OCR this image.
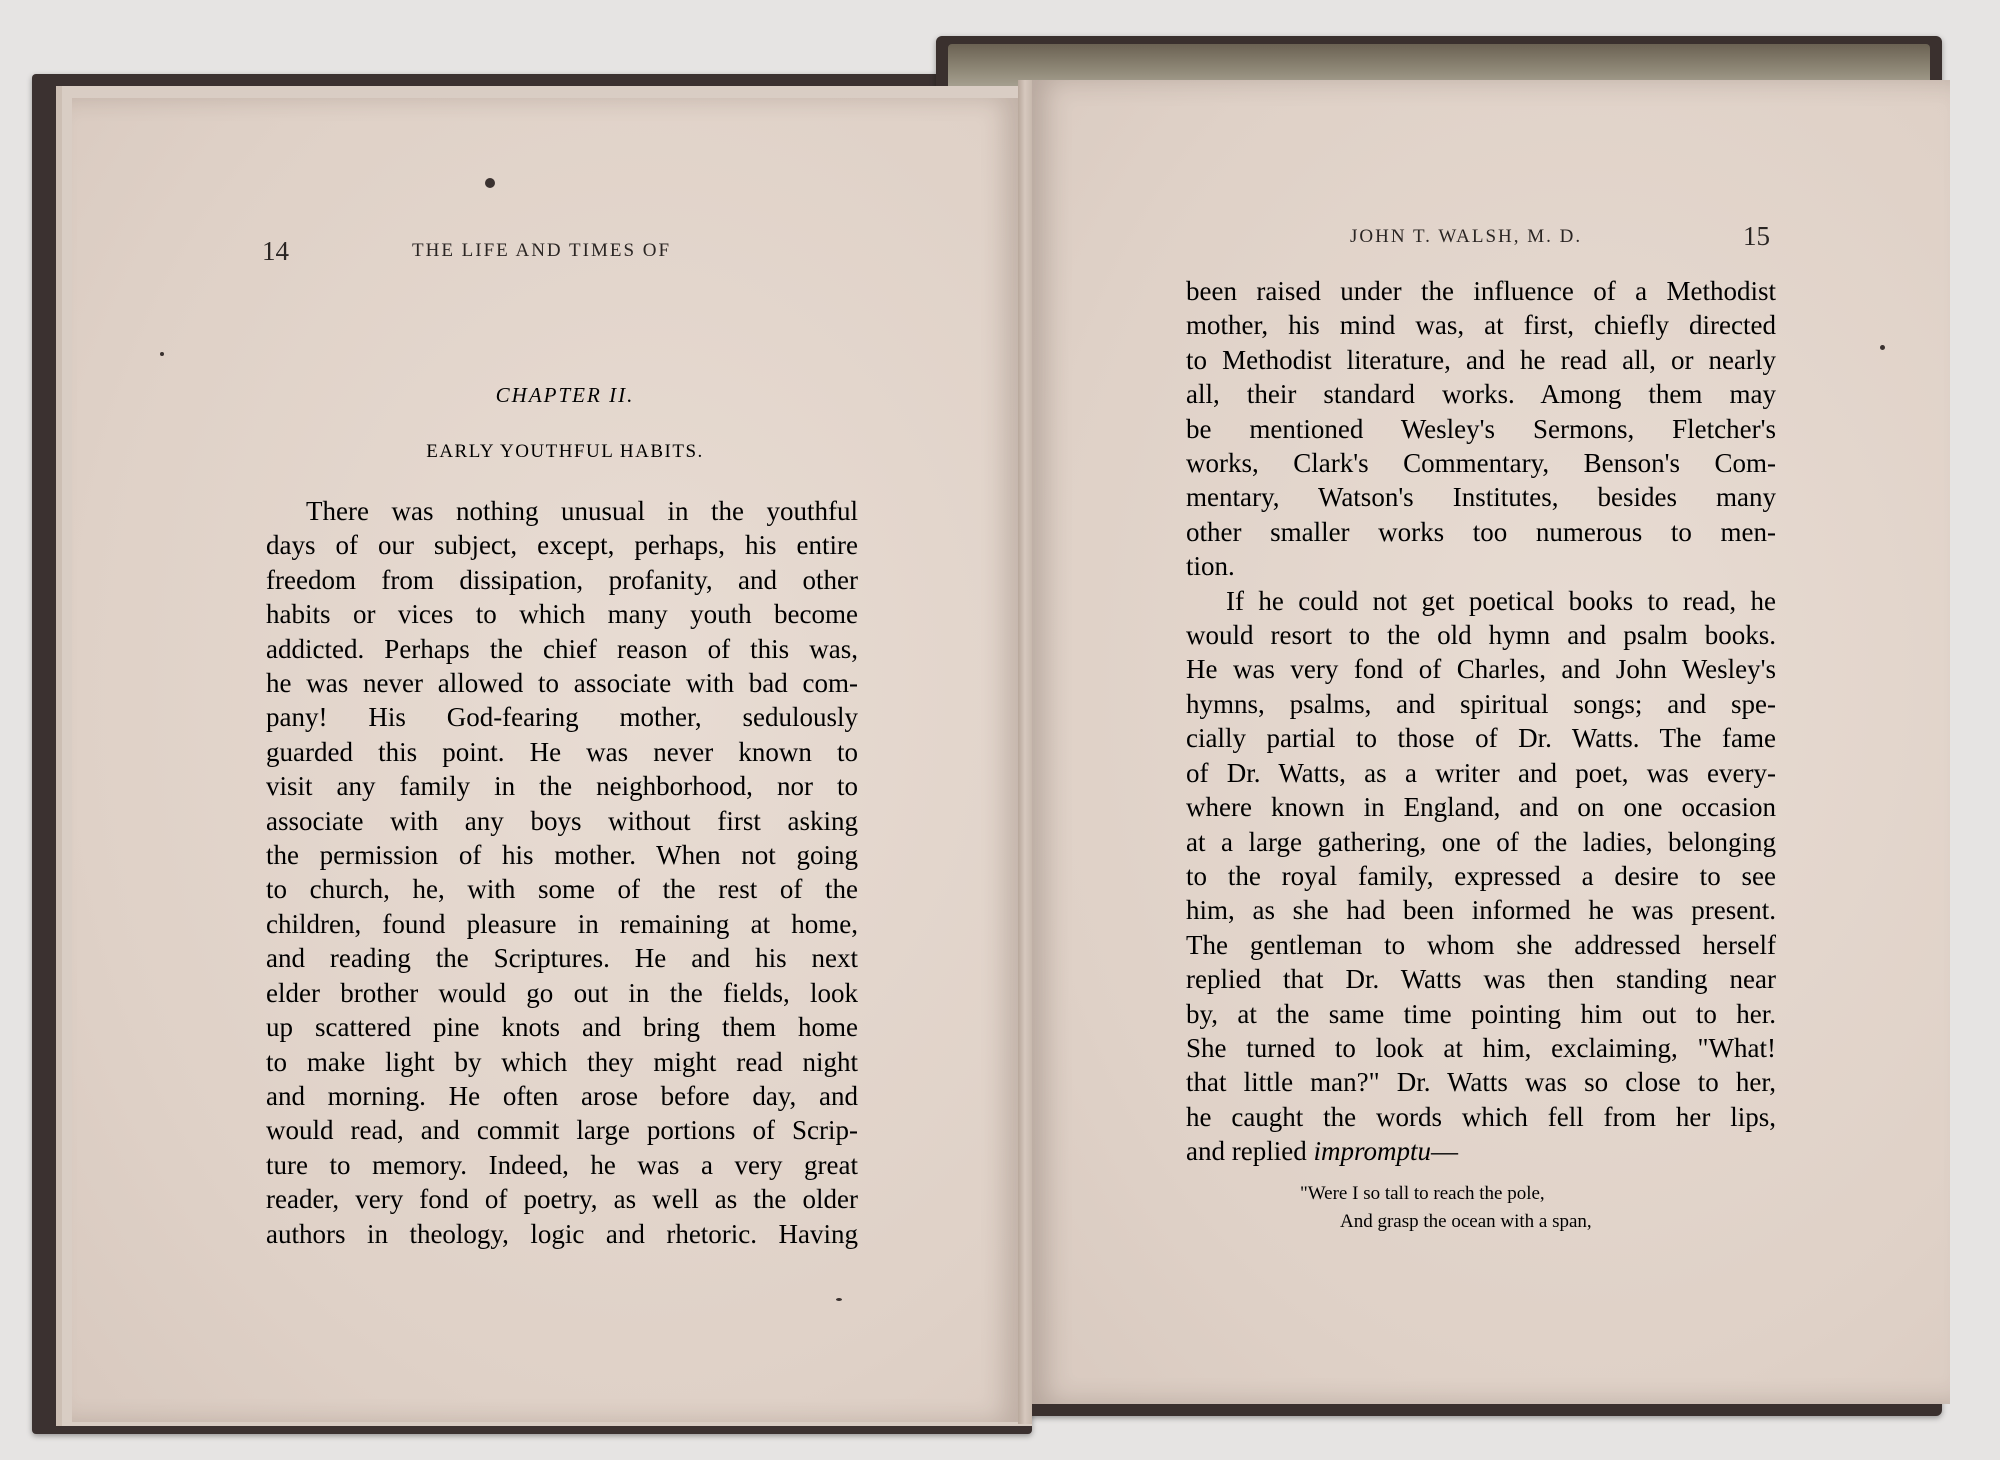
14	THE LIFE AND TIMES OF
CHAPTER II.
EARLY YOUTHFUL HABITS.
There was nothing unusual in the youthful
days of our subject, except, perhaps, his entire
freedom from dissipation, profanity, and other
habits or vices to which many youth become
addicted. Perhaps the chief reason of this was,
he was never allowed to associate with bad com-
pany! His God-fearing mother, sedulously
guarded this point. He was never known to
visit any family in the neighborhood, nor to
associate with any boys without first asking
the permission of his mother. When not going
to church, he, with some of the rest of the
children, found pleasure in remaining at home,
and reading the Scriptures. He and his next
elder brother would go out in the fields, look
up scattered pine knots and bring them home
to make light by which they might read night
and morning. He often arose before day, and
would read, and commit large portions of Scrip-
ture to memory. Indeed, he was a very great
reader, very fond of poetry, as well as the older
authors in theology, logic and rhetoric. Having
JOHN T. WALSH, M. D.	15
been raised under the influence of a Methodist
mother, his mind was, at first, chiefly directed
to Methodist literature, and he read all, or nearly
all, their standard works. Among them may
be mentioned Wesley's Sermons, Fletcher's
works, Clark's Commentary, Benson's Com-
mentary, Watson's Institutes, besides many
other smaller works too numerous to men-
tion.
If he could not get poetical books to read, he
would resort to the old hymn and psalm books.
He was very fond of Charles, and John Wesley's
hymns, psalms, and spiritual songs; and spe-
cially partial to those of Dr. Watts. The fame
of Dr. Watts, as a writer and poet, was every-
where known in England, and on one occasion
at a large gathering, one of the ladies, belonging
to the royal family, expressed a desire to see
him, as she had been informed he was present.
The gentleman to whom she addressed herself
replied that Dr. Watts was then standing near
by, at the same time pointing him out to her.
She turned to look at him, exclaiming, "What!
that little man?" Dr. Watts was so close to her,
he caught the words which fell from her lips,
and replied impromptu—
"Were I so tall to reach the pole,
And grasp the ocean with a span,
